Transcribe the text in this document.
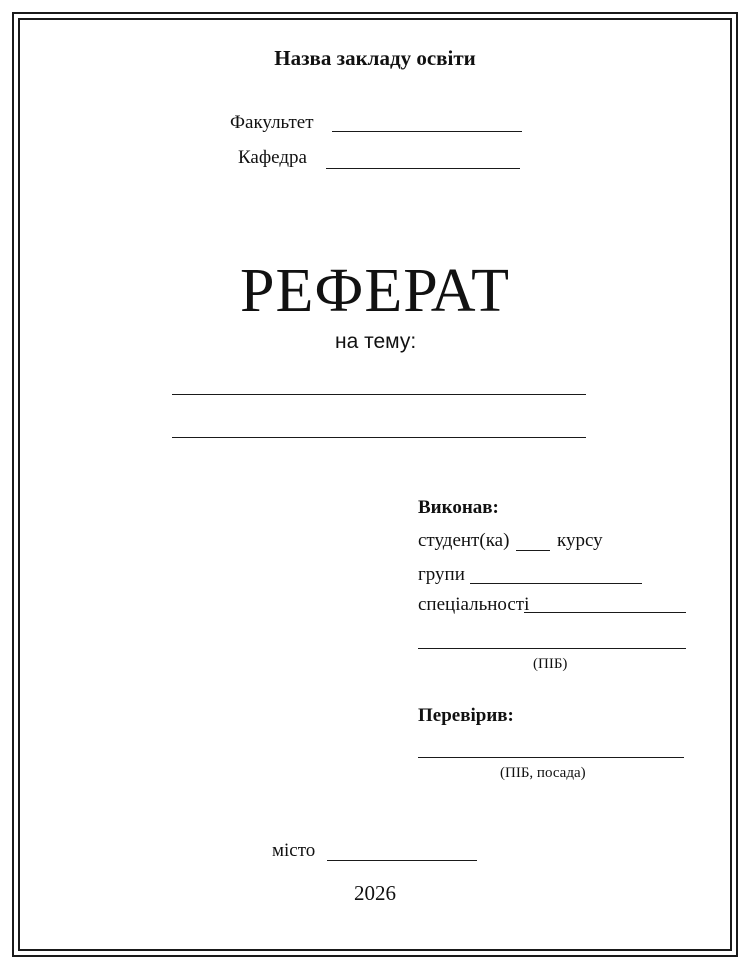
Назва закладу освіти
Факультет
Кафедра
РЕФЕРАТ
на тему:
Виконав:
студент(ка)	курсу
групи
спеціальності
(ПІБ)
Перевірив:
(ПІБ, посада)
місто
2026
